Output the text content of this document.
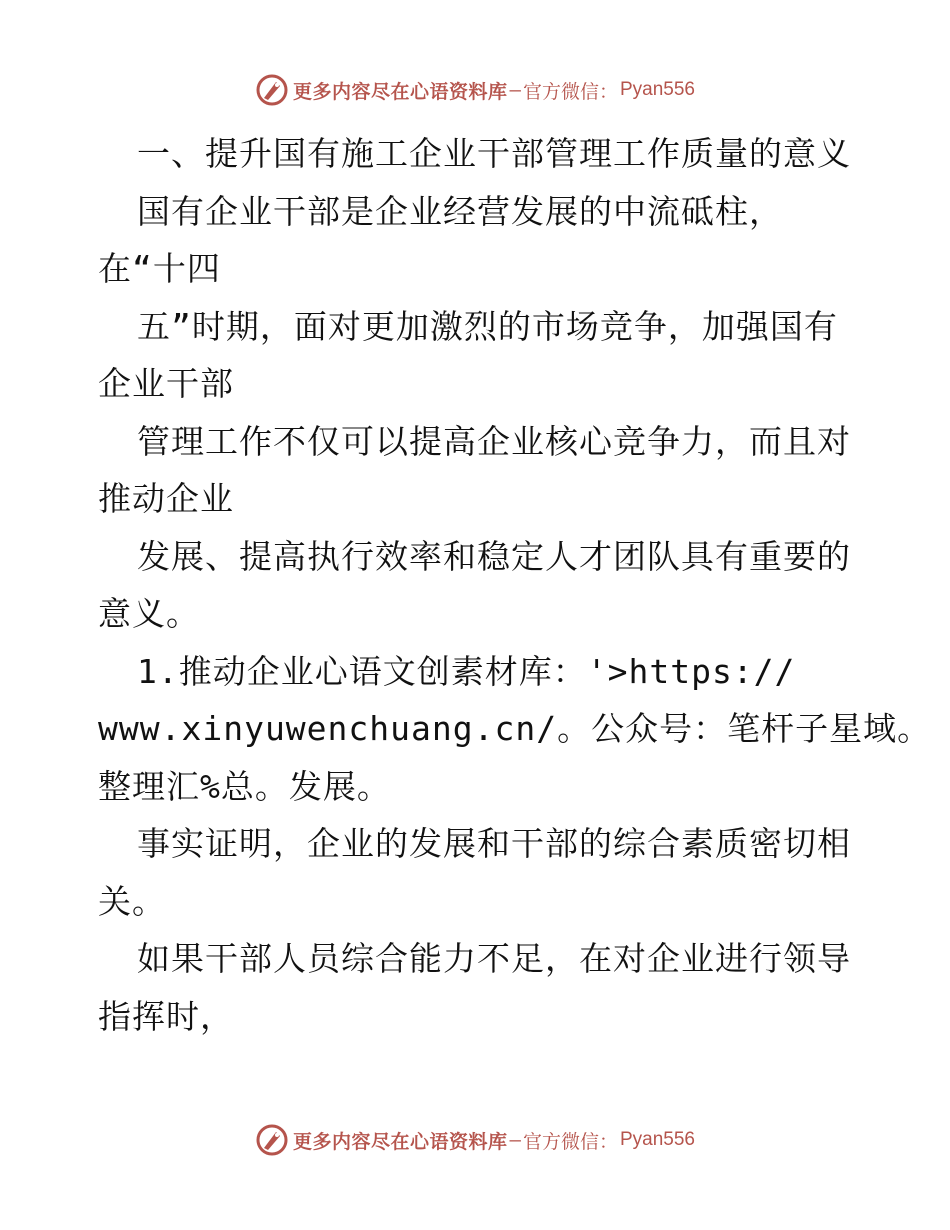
更多内容尽在心语资料库 — 官方微信： Pyan556
一、提升国有施工企业干部管理工作质量的意义
国有企业干部是企业经营发展的中流砥柱，
在“十四
五”时期，面对更加激烈的市场竞争，加强国有
企业干部
管理工作不仅可以提高企业核心竞争力，而且对
推动企业
发展、提高执行效率和稳定人才团队具有重要的
意义。
1.推动企业心语文创素材库：'>https://
www.xinyuwenchuang.cn/。公众号：笔杆子星域。
整理汇%总。发展。
事实证明，企业的发展和干部的综合素质密切相
关。
如果干部人员综合能力不足，在对企业进行领导
指挥时，
更多内容尽在心语资料库 — 官方微信： Pyan556
